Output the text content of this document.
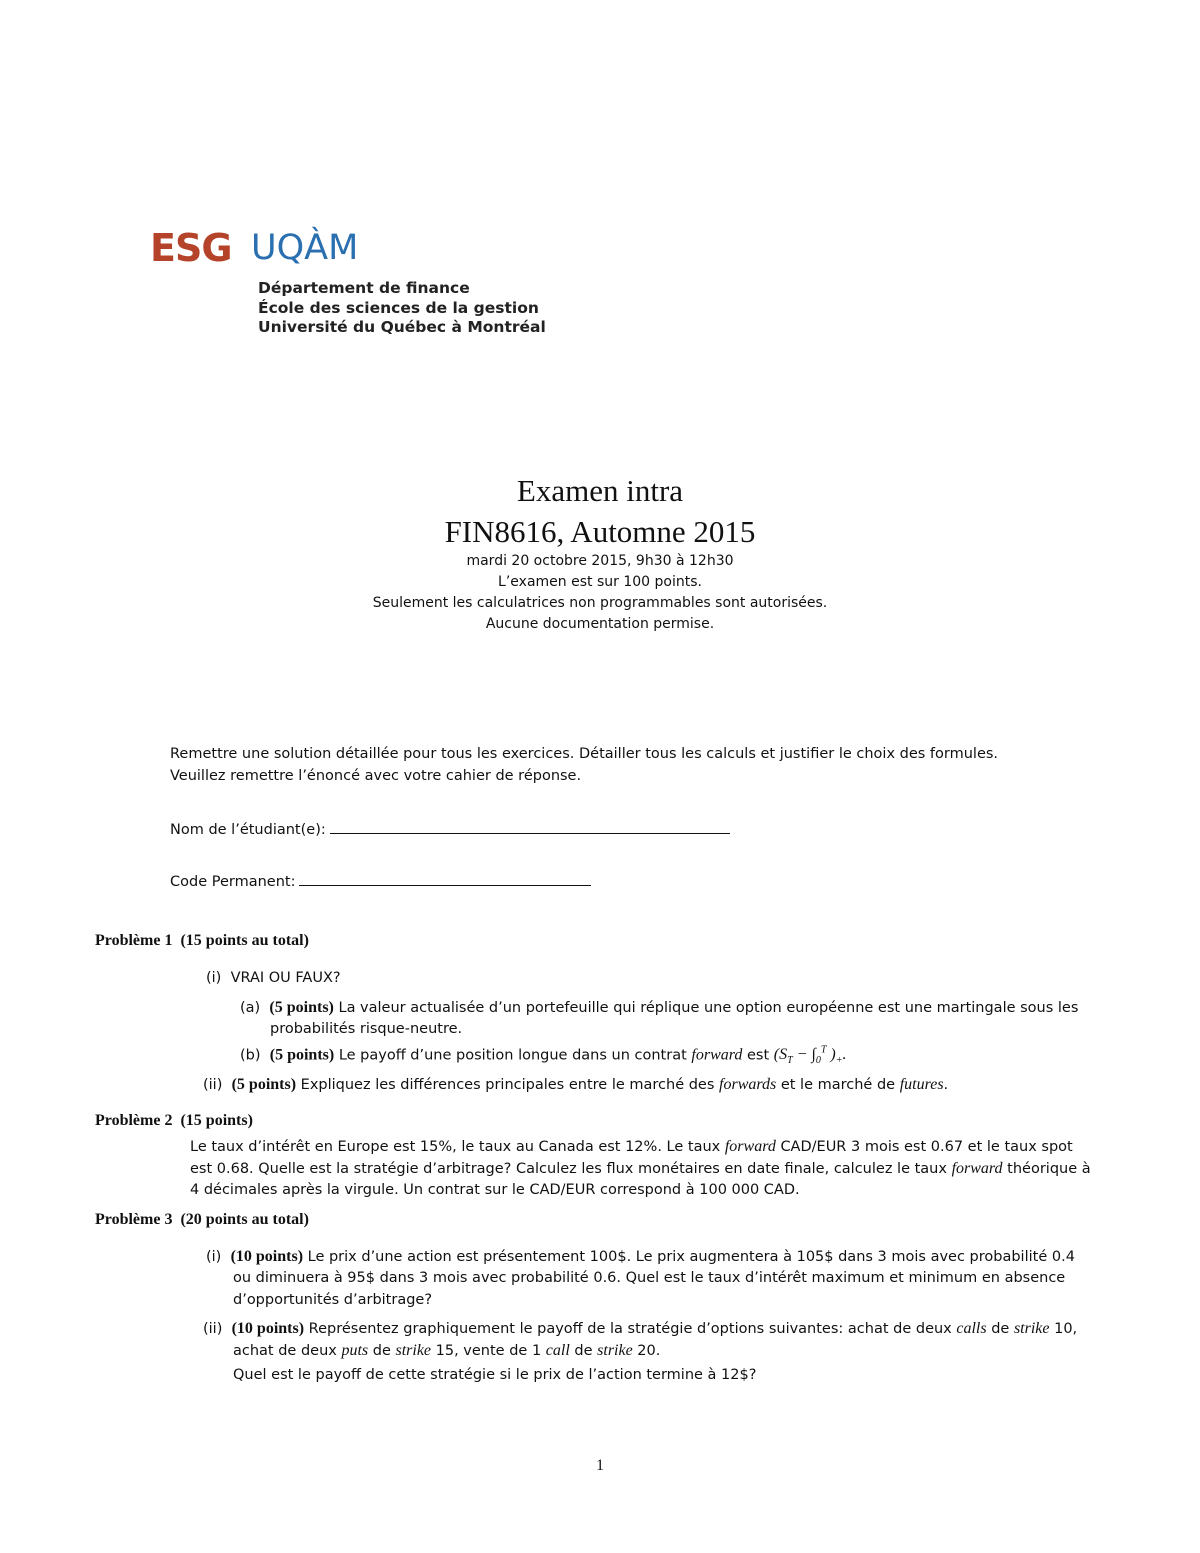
ESG UQÀM
Département de finance
École des sciences de la gestion
Université du Québec à Montréal
Examen intra
FIN8616, Automne 2015
mardi 20 octobre 2015, 9h30 à 12h30
L’examen est sur 100 points.
Seulement les calculatrices non programmables sont autorisées.
Aucune documentation permise.
Remettre une solution détaillée pour tous les exercices. Détailler tous les calculs et justifier le choix des formules.
Veuillez remettre l’énoncé avec votre cahier de réponse.
Nom de l’étudiant(e):
Code Permanent:
Problème 1 (15 points au total)
(i) VRAI OU FAUX?
(a) (5 points) La valeur actualisée d’un portefeuille qui réplique une option européenne est une martingale sous les
probabilités risque-neutre.
(b) (5 points) Le payoff d’une position longue dans un contrat forward est ($S_T - \int_0^T$ )$_+$.
(ii) (5 points) Expliquez les différences principales entre le marché des forwards et le marché de futures.
Problème 2 (15 points)
Le taux d’intérêt en Europe est 15%, le taux au Canada est 12%. Le taux forward CAD/EUR 3 mois est 0.67 et le taux spot
est 0.68. Quelle est la stratégie d’arbitrage? Calculez les flux monétaires en date finale, calculez le taux forward théorique à
4 décimales après la virgule. Un contrat sur le CAD/EUR correspond à 100 000 CAD.
Problème 3 (20 points au total)
(i) (10 points) Le prix d’une action est présentement 100$. Le prix augmentera à 105$ dans 3 mois avec probabilité 0.4
ou diminuera à 95$ dans 3 mois avec probabilité 0.6. Quel est le taux d’intérêt maximum et minimum en absence
d’opportunités d’arbitrage?
(ii) (10 points) Représentez graphiquement le payoff de la stratégie d’options suivantes: achat de deux calls de strike 10,
achat de deux puts de strike 15, vente de 1 call de strike 20.
Quel est le payoff de cette stratégie si le prix de l’action termine à 12$?
1
